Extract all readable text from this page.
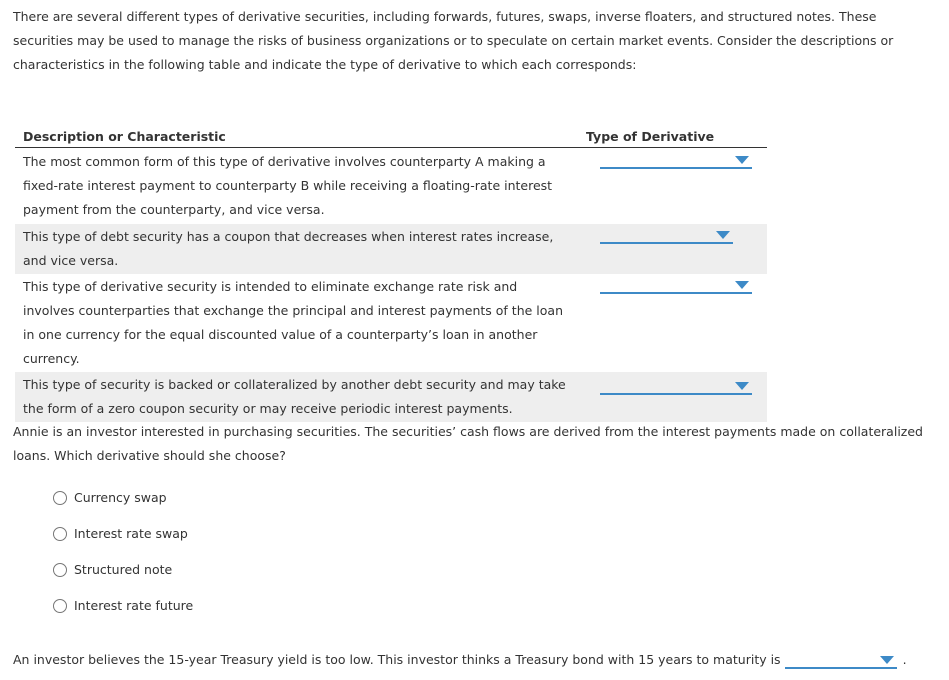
There are several different types of derivative securities, including forwards, futures, swaps, inverse floaters, and structured notes. These securities may be used to manage the risks of business organizations or to speculate on certain market events. Consider the descriptions or characteristics in the following table and indicate the type of derivative to which each corresponds:

Description or Characteristic	Type of Derivative
The most common form of this type of derivative involves counterparty A making a fixed-rate interest payment to counterparty B while receiving a floating-rate interest payment from the counterparty, and vice versa.	

This type of debt security has a coupon that decreases when interest rates increase, and vice versa.	

This type of derivative security is intended to eliminate exchange rate risk and involves counterparties that exchange the principal and interest payments of the loan in one currency for the equal discounted value of a counterparty’s loan in another currency.	

This type of security is backed or collateralized by another debt security and may take the form of a zero coupon security or may receive periodic interest payments.	

Annie is an investor interested in purchasing securities. The securities’ cash flows are derived from the interest payments made on collateralized loans. Which derivative should she choose?

Currency swap
Interest rate swap
Structured note
Interest rate future
An investor believes the 15-year Treasury yield is too low. This investor thinks a Treasury bond with 15 years to maturity is	.
